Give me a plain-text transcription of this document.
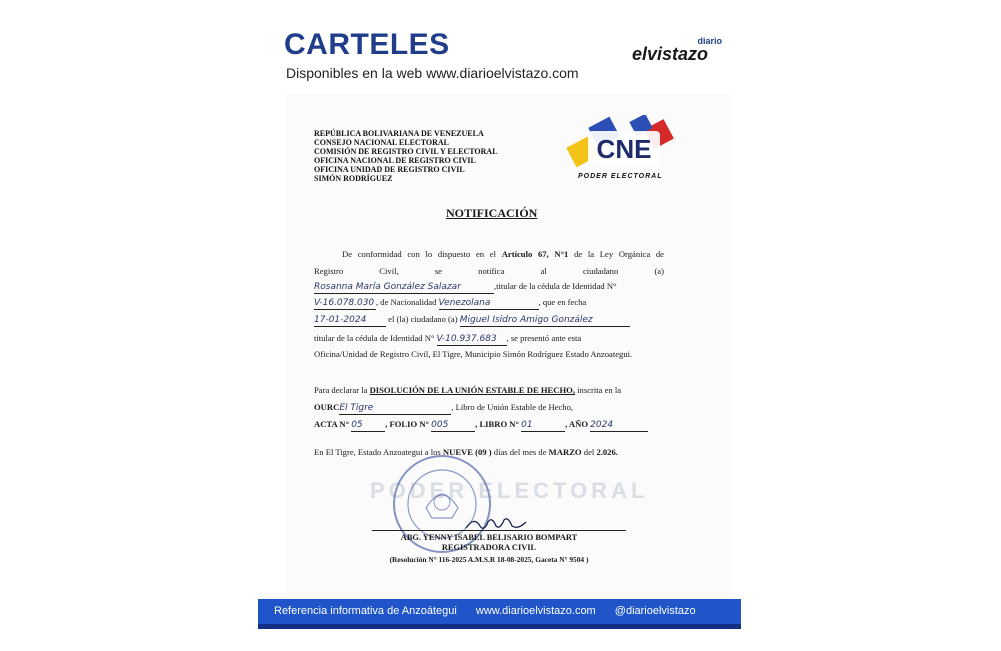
CARTELES
Disponibles en la web www.diarioelvistazo.com
diario
elvistazo
REPÚBLICA BOLIVARIANA DE VENEZUELA
CONSEJO NACIONAL ELECTORAL
COMISIÓN DE REGISTRO CIVIL Y ELECTORAL
OFICINA NACIONAL DE REGISTRO CIVIL
OFICINA UNIDAD DE REGISTRO CIVIL
SIMÓN RODRÍGUEZ
CNE
PODER ELECTORAL
NOTIFICACIÓN
De conformidad con lo dispuesto en el Artículo 67, N°1 de la Ley Orgánica de
Registro Civil, se notifica al ciudadano (a)
Rosanna María González Salazar	,titular de la cédula de Identidad N°
V-16.078.030 , de Nacionalidad Venezolana	, que en fecha
17-01-2024	el (la) ciudadano (a) Miguel Isidro Amigo González
titular de la cédula de Identidad N° V-10.937.683 , se presentó ante esta
Oficina/Unidad de Registro Civil, El Tigre, Municipio Simón Rodríguez Estado Anzoategui.
Para declarar la DISOLUCIÓN DE LA UNIÓN ESTABLE DE HECHO, inscrita en la
OURCEl Tigre	, Libro de Unión Estable de Hecho,
ACTA N° 05	, FOLIO N° 005	, LIBRO N° 01	, AÑO 2024
En El Tigre, Estado Anzoategui a los NUEVE (09 ) días del mes de MARZO del 2.026.
PODER ELECTORAL
ABG. YENNY ISABEL BELISARIO BOMPART
REGISTRADORA CIVIL
(Resolución N° 116-2025 A.M.S.R 18-08-2025, Gaceta N° 9504 )
Referencia informativa de Anzoátegui www.diarioelvistazo.com @diarioelvistazo
